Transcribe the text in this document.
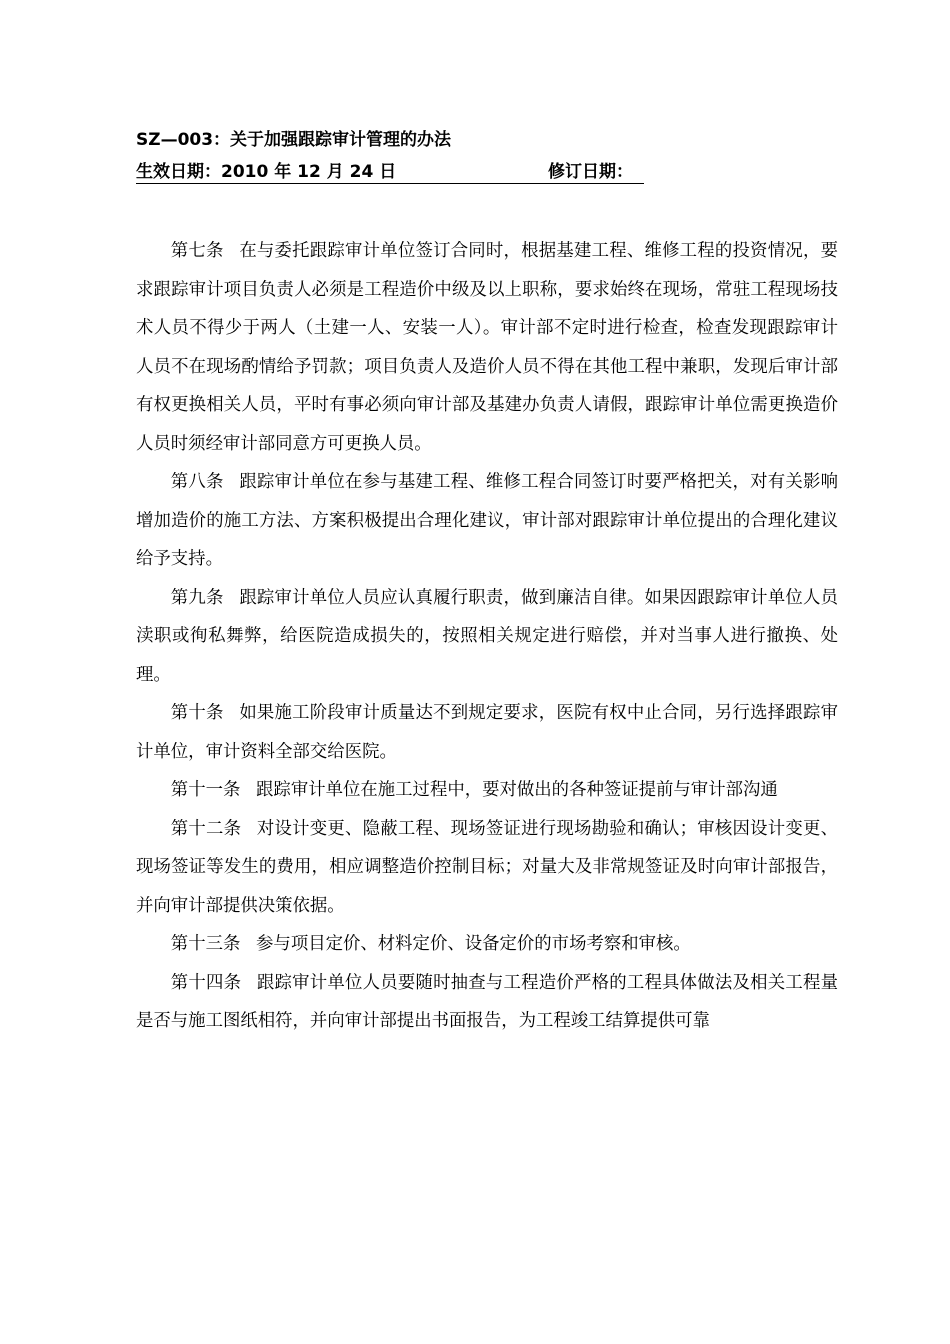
SZ—003：关于加强跟踪审计管理的办法
生效日期：2010 年 12 月 24 日	修订日期：

第七条 在与委托跟踪审计单位签订合同时，根据基建工程、维修工程的投资情况，要求跟踪审计项目负责人必须是工程造价中级及以上职称，要求始终在现场，常驻工程现场技术人员不得少于两人（土建一人、安装一人）。审计部不定时进行检查，检查发现跟踪审计人员不在现场酌情给予罚款；项目负责人及造价人员不得在其他工程中兼职，发现后审计部有权更换相关人员，平时有事必须向审计部及基建办负责人请假，跟踪审计单位需更换造价人员时须经审计部同意方可更换人员。

第八条 跟踪审计单位在参与基建工程、维修工程合同签订时要严格把关，对有关影响增加造价的施工方法、方案积极提出合理化建议，审计部对跟踪审计单位提出的合理化建议给予支持。

第九条 跟踪审计单位人员应认真履行职责，做到廉洁自律。如果因跟踪审计单位人员渎职或徇私舞弊，给医院造成损失的，按照相关规定进行赔偿，并对当事人进行撤换、处理。

第十条 如果施工阶段审计质量达不到规定要求，医院有权中止合同，另行选择跟踪审计单位，审计资料全部交给医院。

第十一条 跟踪审计单位在施工过程中，要对做出的各种签证提前与审计部沟通

第十二条 对设计变更、隐蔽工程、现场签证进行现场勘验和确认；审核因设计变更、现场签证等发生的费用，相应调整造价控制目标；对量大及非常规签证及时向审计部报告，并向审计部提供决策依据。

第十三条 参与项目定价、材料定价、设备定价的市场考察和审核。

第十四条 跟踪审计单位人员要随时抽查与工程造价严格的工程具体做法及相关工程量是否与施工图纸相符，并向审计部提出书面报告，为工程竣工结算提供可靠
